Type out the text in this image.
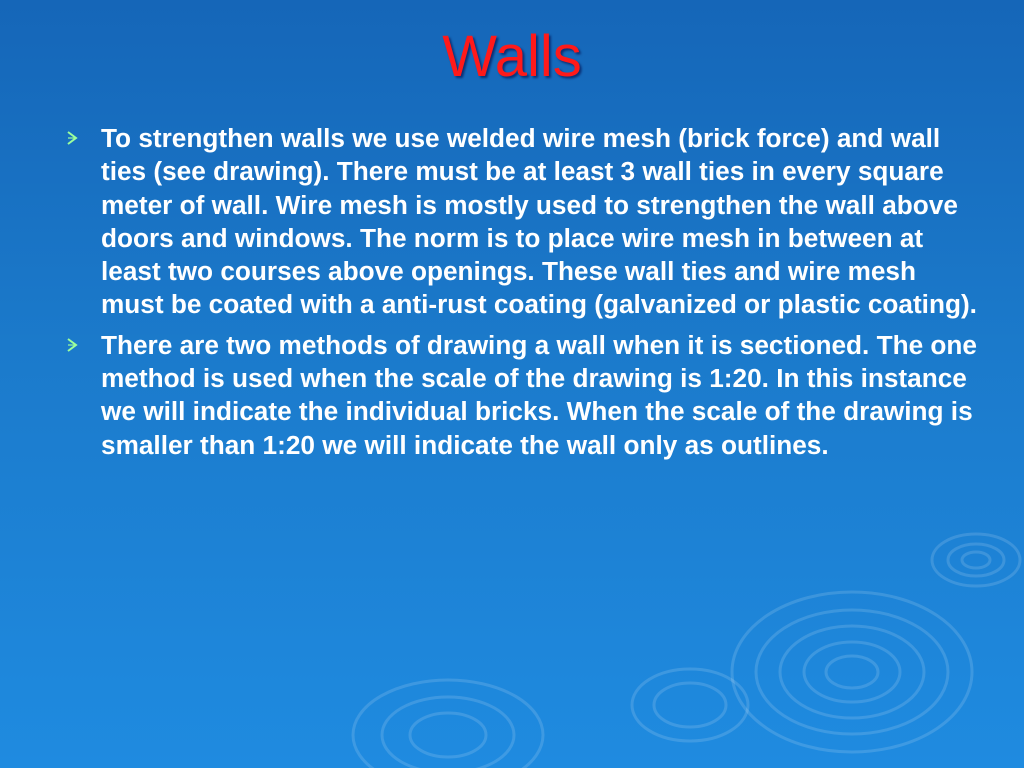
Walls
To strengthen walls we use welded wire mesh (brick force) and wall ties (see drawing). There must be at least 3 wall ties in every square meter of wall. Wire mesh is mostly used to strengthen the wall above doors and windows. The norm is to place wire mesh in between at least two courses above openings. These wall ties and wire mesh must be coated with a anti-rust coating (galvanized or plastic coating).
There are two methods of drawing a wall when it is sectioned. The one method is used when the scale of the drawing is 1:20. In this instance we will indicate the individual bricks. When the scale of the drawing is smaller than 1:20 we will indicate the wall only as outlines.
